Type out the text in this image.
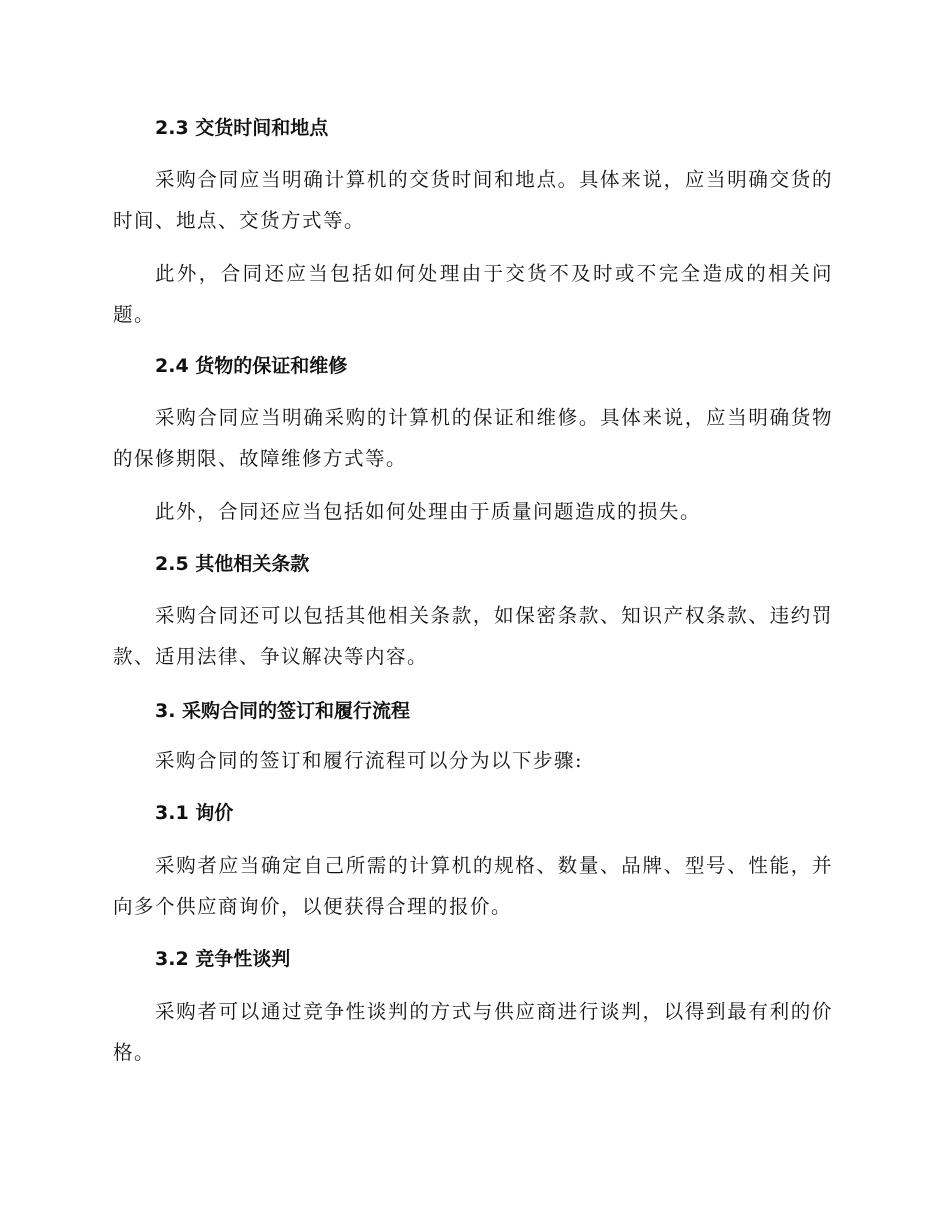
2.3 交货时间和地点

采购合同应当明确计算机的交货时间和地点。具体来说，应当明确交货的时间、地点、交货方式等。

此外，合同还应当包括如何处理由于交货不及时或不完全造成的相关问题。

2.4 货物的保证和维修

采购合同应当明确采购的计算机的保证和维修。具体来说，应当明确货物的保修期限、故障维修方式等。

此外，合同还应当包括如何处理由于质量问题造成的损失。

2.5 其他相关条款

采购合同还可以包括其他相关条款，如保密条款、知识产权条款、违约罚款、适用法律、争议解决等内容。

3. 采购合同的签订和履行流程

采购合同的签订和履行流程可以分为以下步骤:

3.1 询价

采购者应当确定自己所需的计算机的规格、数量、品牌、型号、性能，并向多个供应商询价，以便获得合理的报价。

3.2 竞争性谈判

采购者可以通过竞争性谈判的方式与供应商进行谈判，以得到最有利的价格。
